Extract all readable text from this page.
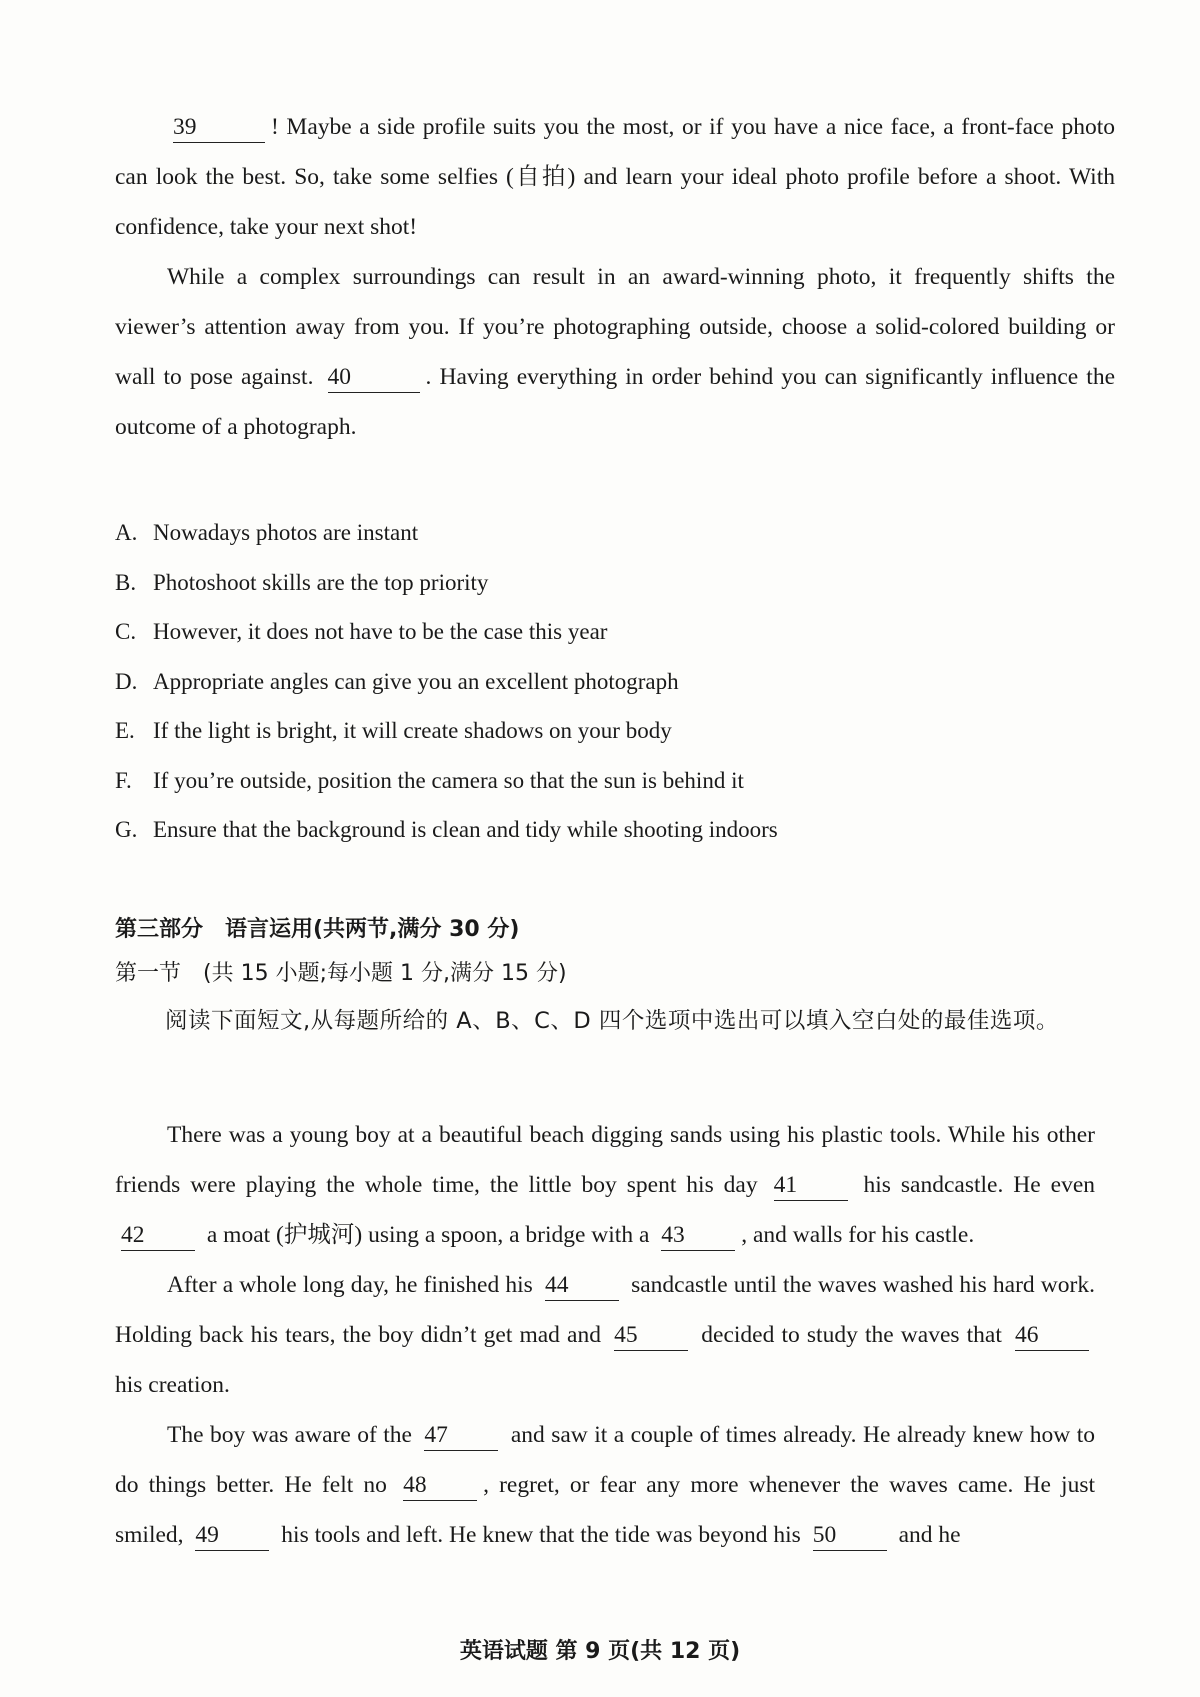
39	! Maybe a side profile suits you the most, or if you have a nice face, a front-face photo can look the best. So, take some selfies (自拍) and learn your ideal photo profile before a shoot. With confidence, take your next shot!

While a complex surroundings can result in an award-winning photo, it frequently shifts the viewer’s attention away from you. If you’re photographing outside, choose a solid-colored building or wall to pose against. 40	. Having everything in order behind you can significantly influence the outcome of a photograph.

A. Nowadays photos are instant

B. Photoshoot skills are the top priority

C. However, it does not have to be the case this year

D. Appropriate angles can give you an excellent photograph

E. If the light is bright, it will create shadows on your body

F. If you’re outside, position the camera so that the sun is behind it

G. Ensure that the background is clean and tidy while shooting indoors

第三部分　语言运用(共两节,满分 30 分)

第一节 (共 15 小题;每小题 1 分,满分 15 分)

阅读下面短文,从每题所给的 A、B、C、D 四个选项中选出可以填入空白处的最佳选项。

There was a young boy at a beautiful beach digging sands using his plastic tools. While his other friends were playing the whole time, the little boy spent his day 41	his sandcastle. He even 42	a moat (护城河) using a spoon, a bridge with a 43 , and walls for his castle.

After a whole long day, he finished his 44	sandcastle until the waves washed his hard work. Holding back his tears, the boy didn’t get mad and 45	decided to study the waves that 46 his creation.

The boy was aware of the 47	and saw it a couple of times already. He already knew how to do things better. He felt no 48 , regret, or fear any more whenever the waves came. He just smiled, 49	his tools and left. He knew that the tide was beyond his 50	and he

英语试题 第 9 页(共 12 页)
